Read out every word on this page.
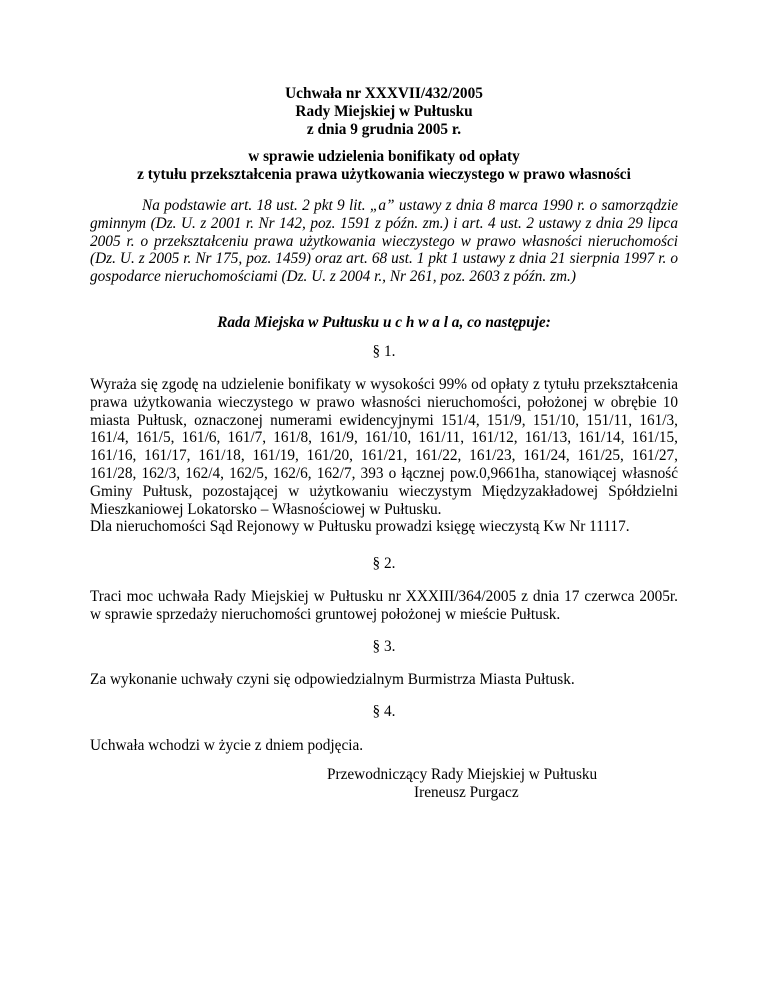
Uchwała nr XXXVII/432/2005
Rady Miejskiej w Pułtusku
z dnia 9 grudnia 2005 r.
w sprawie udzielenia bonifikaty od opłaty
z tytułu przekształcenia prawa użytkowania wieczystego w prawo własności
Na podstawie art. 18 ust. 2 pkt 9 lit. „a” ustawy z dnia 8 marca 1990 r. o samorządzie gminnym (Dz. U. z 2001 r. Nr 142, poz. 1591 z późn. zm.) i art. 4 ust. 2 ustawy z dnia 29 lipca 2005 r. o przekształceniu prawa użytkowania wieczystego w prawo własności nieruchomości (Dz. U. z 2005 r. Nr 175, poz. 1459) oraz art. 68 ust. 1 pkt 1 ustawy z dnia 21 sierpnia 1997 r. o gospodarce nieruchomościami (Dz. U. z 2004 r., Nr 261, poz. 2603 z późn. zm.)
Rada Miejska w Pułtusku u c h w a l a, co następuje:
§ 1.

Wyraża się zgodę na udzielenie bonifikaty w wysokości 99% od opłaty z tytułu przekształcenia prawa użytkowania wieczystego w prawo własności nieruchomości, położonej w obrębie 10 miasta Pułtusk, oznaczonej numerami ewidencyjnymi 151/4, 151/9, 151/10, 151/11, 161/3, 161/4, 161/5, 161/6, 161/7, 161/8, 161/9, 161/10, 161/11, 161/12, 161/13, 161/14, 161/15, 161/16, 161/17, 161/18, 161/19, 161/20, 161/21, 161/22, 161/23, 161/24, 161/25, 161/27, 161/28, 162/3, 162/4, 162/5, 162/6, 162/7, 393 o łącznej pow.0,9661ha, stanowiącej własność Gminy Pułtusk, pozostającej w użytkowaniu wieczystym Międzyzakładowej Spółdzielni Mieszkaniowej Lokatorsko – Własnościowej w Pułtusku.

Dla nieruchomości Sąd Rejonowy w Pułtusku prowadzi księgę wieczystą Kw Nr 11117.

§ 2.

Traci moc uchwała Rady Miejskiej w Pułtusku nr XXXIII/364/2005 z dnia 17 czerwca 2005r. w sprawie sprzedaży nieruchomości gruntowej położonej w mieście Pułtusk.

§ 3.

Za wykonanie uchwały czyni się odpowiedzialnym Burmistrza Miasta Pułtusk.

§ 4.

Uchwała wchodzi w życie z dniem podjęcia.

Przewodniczący Rady Miejskiej w Pułtusku
Ireneusz Purgacz
